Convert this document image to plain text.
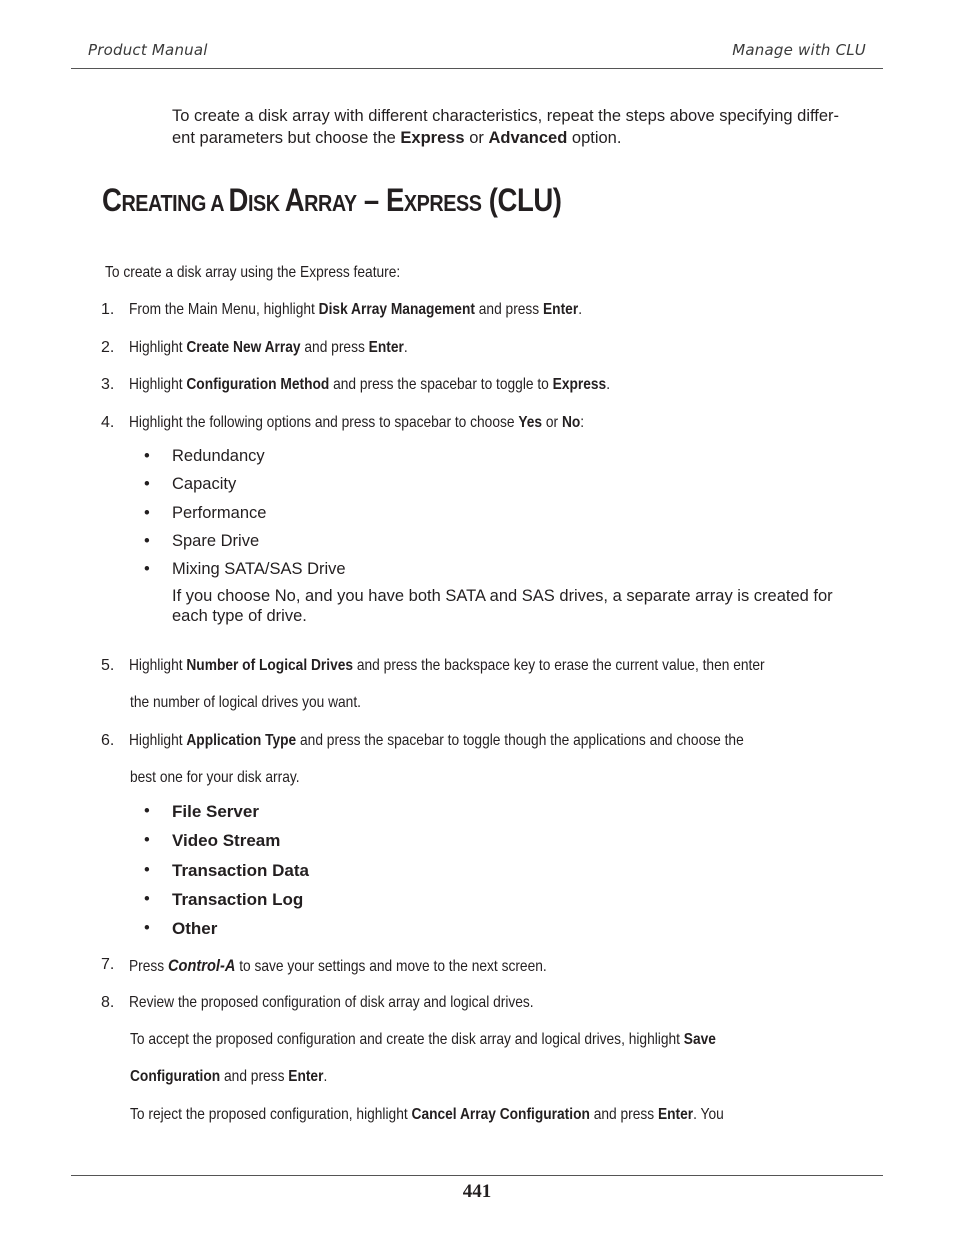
Product Manual	Manage with CLU
To create a disk array with different characteristics, repeat the steps above specifying differ-
ent parameters but choose the Express or Advanced option.
CREATING A DISK ARRAY – EXPRESS (CLU)
To create a disk array using the Express feature:
1. From the Main Menu, highlight Disk Array Management and press Enter.
2. Highlight Create New Array and press Enter.
3. Highlight Configuration Method and press the spacebar to toggle to Express.
4. Highlight the following options and press to spacebar to choose Yes or No:
• Redundancy
• Capacity
• Performance
• Spare Drive
• Mixing SATA/SAS Drive
If you choose No, and you have both SATA and SAS drives, a separate array is created for each type of drive.
5. Highlight Number of Logical Drives and press the backspace key to erase the current value, then enter
the number of logical drives you want.
6. Highlight Application Type and press the spacebar to toggle though the applications and choose the
best one for your disk array.
• File Server
• Video Stream
• Transaction Data
• Transaction Log
• Other
7. Press Control-A to save your settings and move to the next screen.
8. Review the proposed configuration of disk array and logical drives.
To accept the proposed configuration and create the disk array and logical drives, highlight Save
Configuration and press Enter.
To reject the proposed configuration, highlight Cancel Array Configuration and press Enter. You
441
